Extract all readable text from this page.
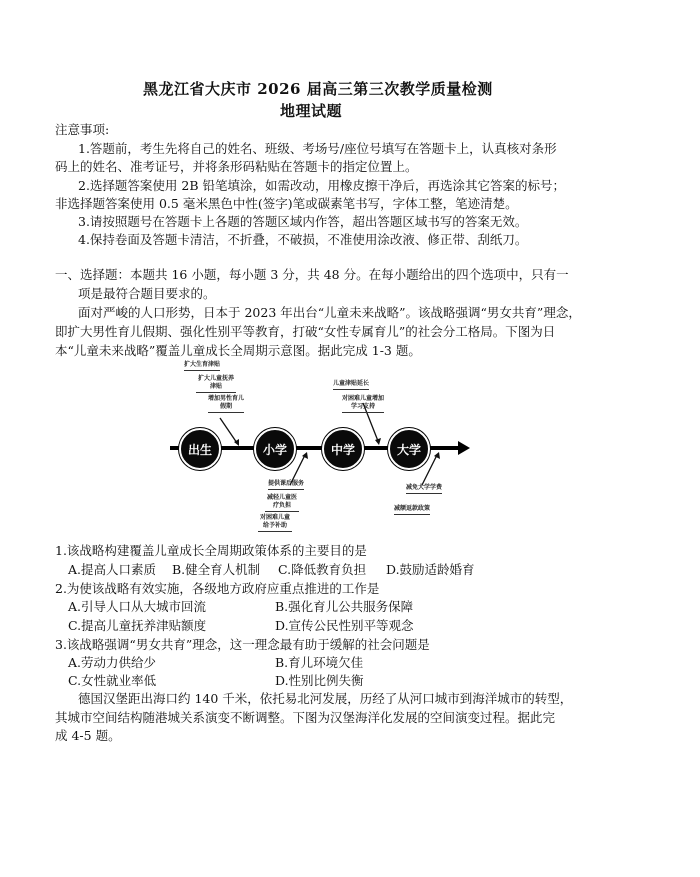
黑龙江省大庆市 2026 届高三第三次教学质量检测
地理试题
注意事项:
1.答题前，考生先将自己的姓名、班级、考场号/座位号填写在答题卡上，认真核对条形
码上的姓名、准考证号，并将条形码粘贴在答题卡的指定位置上。
2.选择题答案使用 2B 铅笔填涂，如需改动，用橡皮擦干净后，再选涂其它答案的标号；
非选择题答案使用 0.5 毫米黑色中性(签字)笔或碳素笔书写，字体工整，笔迹清楚。
3.请按照题号在答题卡上各题的答题区域内作答，超出答题区域书写的答案无效。
4.保持卷面及答题卡清洁，不折叠，不破损，不准使用涂改液、修正带、刮纸刀。
一、选择题：本题共 16 小题，每小题 3 分，共 48 分。在每小题给出的四个选项中，只有一
项是最符合题目要求的。
面对严峻的人口形势，日本于 2023 年出台“儿童未来战略”。该战略强调“男女共育”理念，
即扩大男性育儿假期、强化性别平等教育，打破“女性专属育儿”的社会分工格局。下图为日
本“儿童未来战略”覆盖儿童成长全周期示意图。据此完成 1-3 题。
出生	小学	中学	大学
扩大生育津贴
扩大儿童抚养津贴
增加男性育儿假期
儿童津贴延长
对困难儿童增加学习支持
提供课后服务
减轻儿童医疗负担
对困难儿童给予补助
减免大学学费
减额返款政策
1.该战略构建覆盖儿童成长全周期政策体系的主要目的是
A.提高人口素质 B.健全育人机制 C.降低教育负担 D.鼓励适龄婚育
2.为使该战略有效实施，各级地方政府应重点推进的工作是
A.引导人口从大城市回流	B.强化育儿公共服务保障
C.提高儿童抚养津贴额度	D.宣传公民性别平等观念
3.该战略强调“男女共育”理念，这一理念最有助于缓解的社会问题是
A.劳动力供给少	B.育儿环境欠佳
C.女性就业率低	D.性别比例失衡
德国汉堡距出海口约 140 千米，依托易北河发展，历经了从河口城市到海洋城市的转型，
其城市空间结构随港城关系演变不断调整。下图为汉堡海洋化发展的空间演变过程。据此完
成 4-5 题。
